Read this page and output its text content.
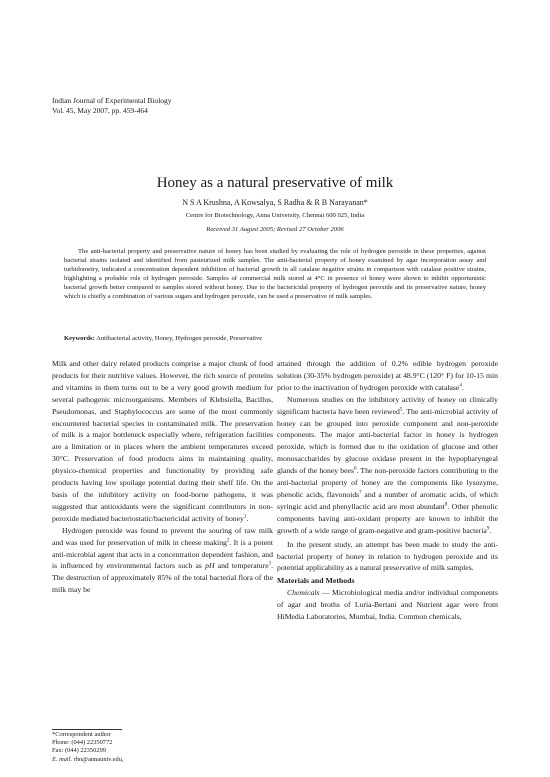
Indian Journal of Experimental Biology
Vol. 45, May 2007, pp. 459-464
Honey as a natural preservative of milk
N S A Krushna, A Kowsalya, S Radha & R B Narayanan*
Centre for Biotechnology, Anna University, Chennai 600 025, India
Received 31 August 2005; Revised 27 October 2006

The anti-bacterial property and preservative nature of honey has been studied by evaluating the role of hydrogen peroxide in these properties, against bacterial strains isolated and identified from pasteurized milk samples. The anti-bacterial property of honey examined by agar incorporation assay and turbidometry, indicated a concentration dependent inhibition of bacterial growth in all catalase negative strains in comparison with catalase positive strains, highlighting a probable role of hydrogen peroxide. Samples of commercial milk stored at 4°C in presence of honey were shown to inhibit opportunistic bacterial growth better compared to samples stored without honey. Due to the bactericidal property of hydrogen peroxide and its preservative nature, honey which is chiefly a combination of various sugars and hydrogen peroxide, can be used a preservative of milk samples.

Keywords: Antibacterial activity, Honey, Hydrogen peroxide, Preservative

Milk and other dairy related products comprise a major chunk of food products for their nutritive values. However, the rich source of proteins and vitamins in them turns out to be a very good growth medium for several pathogenic microorganisms. Members of Klebsiella, Bacillus, Pseudomonas, and Staphylococcus are some of the most commonly encountered bacterial species in contaminated milk. The preservation of milk is a major bottleneck especially where, refrigeration facilities are a limitation or in places where the ambient temperatures exceed 30°C. Preservation of food products aims in maintaining quality, physico-chemical properties and functionality by providing safe products having low spoilage potential during their shelf life. On the basis of the inhibitory activity on food-borne pathogens, it was suggested that antioxidants were the significant contributors in non-peroxide mediated bacteriostatic/bactericidal activity of honey$^1$.

Hydrogen peroxide was found to prevent the souring of raw milk and was used for preservation of milk in cheese making$^2$. It is a potent anti-microbial agent that acts in a concentration dependent fashion, and is influenced by environmental factors such as pH and temperature$^3$. The destruction of approximately 85% of the total bacterial flora of the milk may be

attained through the addition of 0.2% edible hydrogen peroxide solution (30-35% hydrogen peroxide) at 48.9°C (120° F) for 10-15 min prior to the inactivation of hydrogen peroxide with catalase$^4$.

Numerous studies on the inhibitory activity of honey on clinically significant bacteria have been reviewed$^5$. The anti-microbial activity of honey can be grouped into peroxide component and non-peroxide components. The major anti-bacterial factor in honey is hydrogen peroxide, which is formed due to the oxidation of glucose and other monosaccharides by glucose oxidase present in the hypopharyngeal glands of the honey bees$^6$. The non-peroxide factors contributing to the anti-bacterial property of honey are the components like lysozyme, phenolic acids, flavonoids$^7$ and a number of aromatic acids, of which syringic acid and phenyllactic acid are most abundant$^8$. Other phenolic components having anti-oxidant property are known to inhibit the growth of a wide range of gram-negative and gram-positive bacteria$^9$.

In the present study, an attempt has been made to study the anti-bacterial property of honey in relation to hydrogen peroxide and its potential applicability as a natural preservative of milk samples.

Materials and Methods

Chemicals — Microbiological media and/or individual components of agar and broths of Luria-Bertani and Nutrient agar were from HiMedia Laboratories, Mumbai, India. Common chemicals,

*Correspondent author
Phone: (044) 22350772
Fax: (044) 22350299
E. mail. rbn@annauniv.edu,
